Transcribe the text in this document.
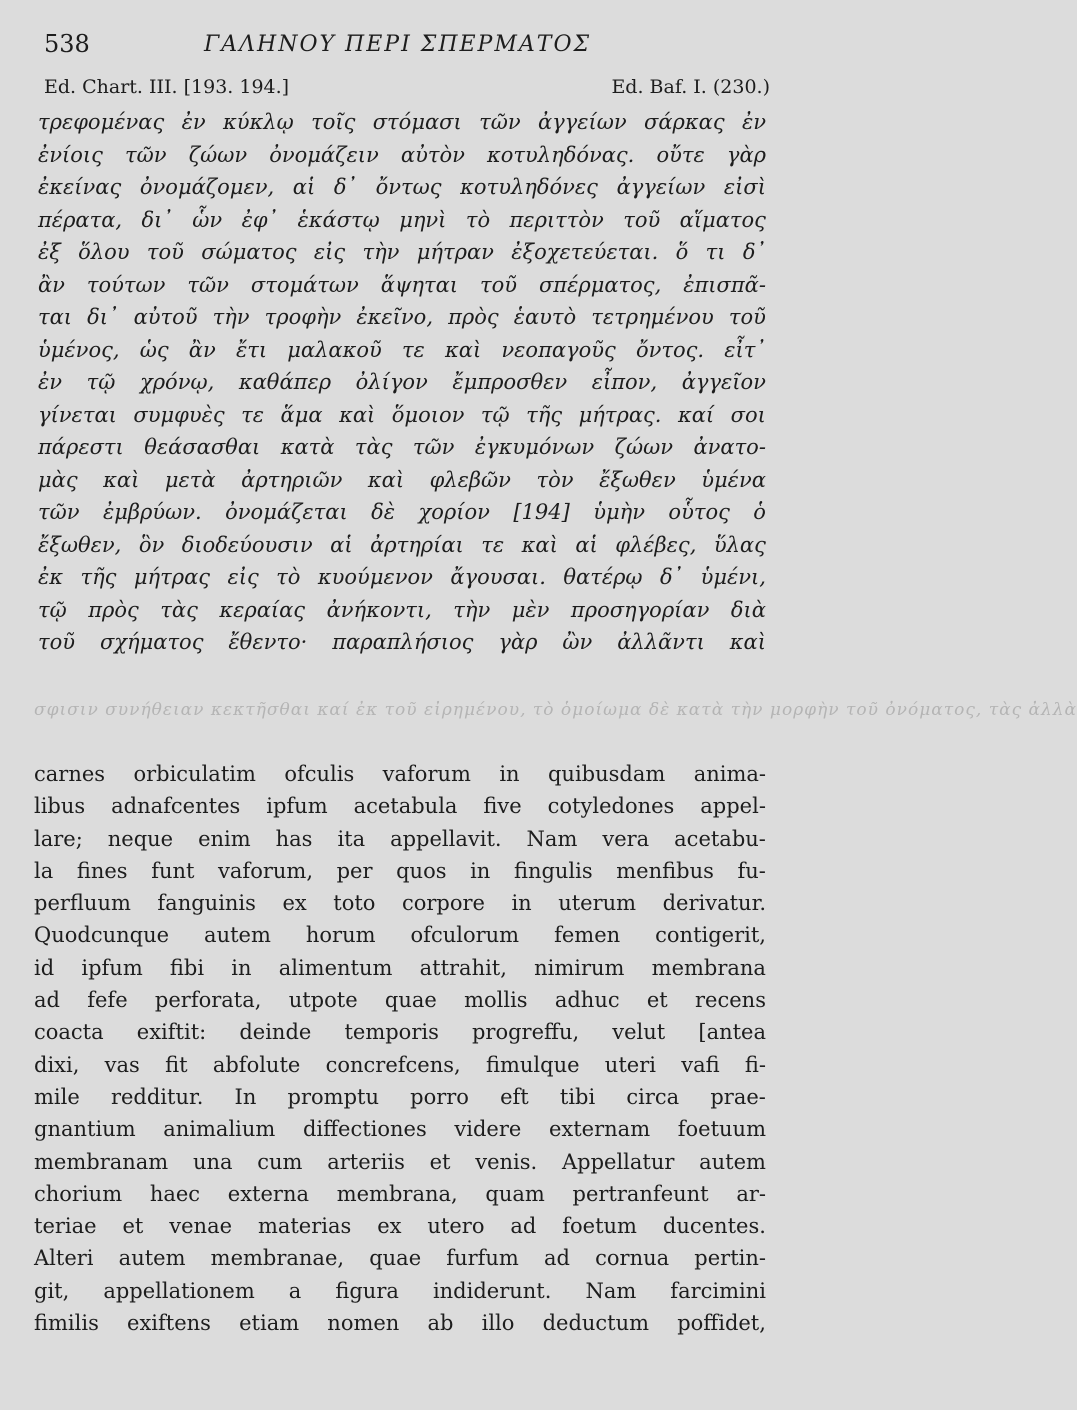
538	ΓΑΛΗΝΟΥ ΠΕΡΙ ΣΠΕΡΜΑΤΟΣ
Ed. Chart. III. [193. 194.]	Ed. Baf. I. (230.)
τρεφομένας ἐν κύκλῳ τοῖς στόμασι τῶν ἀγγείων σάρκας ἐν
ἐνίοις τῶν ζώων ὀνομάζειν αὐτὸν κοτυληδόνας. οὔτε γὰρ
ἐκείνας ὀνομάζομεν, αἱ δ᾽ ὄντως κοτυληδόνες ἀγγείων εἰσὶ
πέρατα, δι᾽ ὧν ἐφ᾽ ἑκάστῳ μηνὶ τὸ περιττὸν τοῦ αἵματος
ἐξ ὅλου τοῦ σώματος εἰς τὴν μήτραν ἐξοχετεύεται. ὅ τι δ᾽
ἂν τούτων τῶν στομάτων ἅψηται τοῦ σπέρματος, ἐπισπᾶ-
ται δι᾽ αὐτοῦ τὴν τροφὴν ἐκεῖνο, πρὸς ἑαυτὸ τετρημένου τοῦ
ὑμένος, ὡς ἂν ἔτι μαλακοῦ τε καὶ νεοπαγοῦς ὄντος. εἶτ᾽
ἐν τῷ χρόνῳ, καθάπερ ὀλίγον ἔμπροσθεν εἶπον, ἀγγεῖον
γίνεται συμφυὲς τε ἅμα καὶ ὅμοιον τῷ τῆς μήτρας. καί σοι
πάρεστι θεάσασθαι κατὰ τὰς τῶν ἐγκυμόνων ζώων ἀνατο-
μὰς καὶ μετὰ ἀρτηριῶν καὶ φλεβῶν τὸν ἔξωθεν ὑμένα
τῶν ἐμβρύων. ὀνομάζεται δὲ χορίον [194] ὑμὴν οὗτος ὁ
ἔξωθεν, ὃν διοδεύουσιν αἱ ἀρτηρίαι τε καὶ αἱ φλέβες, ὕλας
ἐκ τῆς μήτρας εἰς τὸ κυούμενον ἄγουσαι. θατέρῳ δ᾽ ὑμένι,
τῷ πρὸς τὰς κεραίας ἀνήκοντι, τὴν μὲν προσηγορίαν διὰ
τοῦ σχήματος ἔθεντο· παραπλήσιος γὰρ ὢν ἀλλᾶντι καὶ
σφισιν συνήθειαν κεκτῆσθαι καί ἐκ τοῦ εἰρημένου, τὸ ὁμοίωμα δὲ κατὰ τὴν μορφὴν τοῦ ὀνόματος, τὰς ἀλλὰ
carnes orbiculatim ofculis vaforum in quibusdam anima-
libus adnafcentes ipfum acetabula five cotyledones appel-
lare; neque enim has ita appellavit. Nam vera acetabu-
la fines funt vaforum, per quos in fingulis menfibus fu-
perfluum fanguinis ex toto corpore in uterum derivatur.
Quodcunque autem horum ofculorum femen contigerit,
id ipfum fibi in alimentum attrahit, nimirum membrana
ad fefe perforata, utpote quae mollis adhuc et recens
coacta exiftit: deinde temporis progreffu, velut [antea
dixi, vas fit abfolute concrefcens, fimulque uteri vafi fi-
mile redditur. In promptu porro eft tibi circa prae-
gnantium animalium diffectiones videre externam foetuum
membranam una cum arteriis et venis. Appellatur autem
chorium haec externa membrana, quam pertranfeunt ar-
teriae et venae materias ex utero ad foetum ducentes.
Alteri autem membranae, quae furfum ad cornua pertin-
git, appellationem a figura indiderunt. Nam farcimini
fimilis exiftens etiam nomen ab illo deductum poffidet,
